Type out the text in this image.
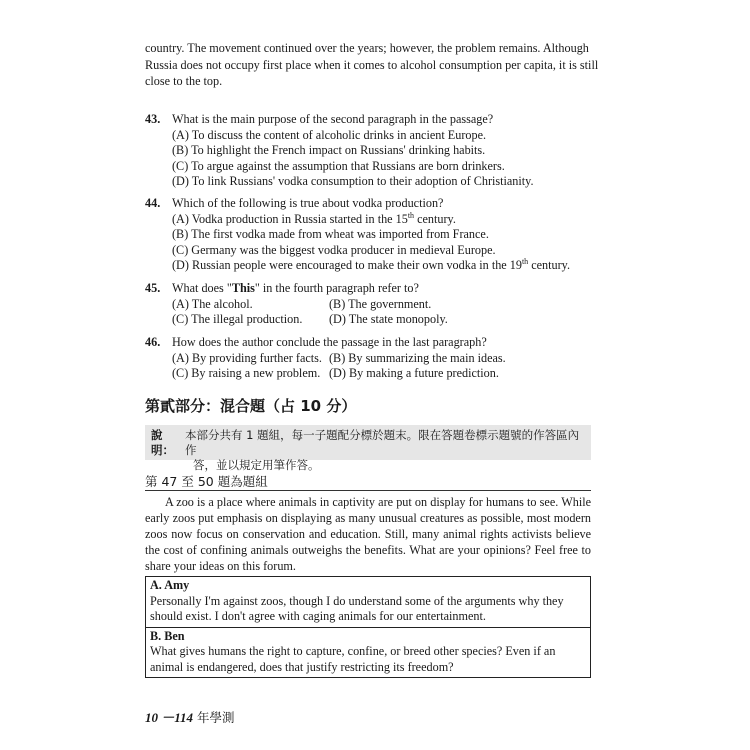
country. The movement continued over the years; however, the problem remains. Although Russia does not occupy first place when it comes to alcohol consumption per capita, it is still close to the top.
43. What is the main purpose of the second paragraph in the passage?
(A) To discuss the content of alcoholic drinks in ancient Europe.
(B) To highlight the French impact on Russians' drinking habits.
(C) To argue against the assumption that Russians are born drinkers.
(D) To link Russians' vodka consumption to their adoption of Christianity.
44. Which of the following is true about vodka production?
(A) Vodka production in Russia started in the 15th century.
(B) The first vodka made from wheat was imported from France.
(C) Germany was the biggest vodka producer in medieval Europe.
(D) Russian people were encouraged to make their own vodka in the 19th century.
45. What does "This" in the fourth paragraph refer to?
(A) The alcohol.	(B) The government.
(C) The illegal production.	(D) The state monopoly.
46. How does the author conclude the passage in the last paragraph?
(A) By providing further facts. (B) By summarizing the main ideas.
(C) By raising a new problem. (D) By making a future prediction.
第貳部分：混合題（占 10 分）
說明：
本部分共有 1 題組，每一子題配分標於題末。限在答題卷標示題號的作答區內作
答，並以規定用筆作答。
第 47 至 50 題為題組

A zoo is a place where animals in captivity are put on display for humans to see. While early zoos put emphasis on displaying as many unusual creatures as possible, most modern zoos now focus on conservation and education. Still, many animal rights activists believe the cost of confining animals outweighs the benefits. What are your opinions? Feel free to share your ideas on this forum.

A. Amy
Personally I'm against zoos, though I do understand some of the arguments why they should exist. I don't agree with caging animals for our entertainment.
B. Ben
What gives humans the right to capture, confine, or breed other species? Even if an animal is endangered, does that justify restricting its freedom?
10 －114 年學測
